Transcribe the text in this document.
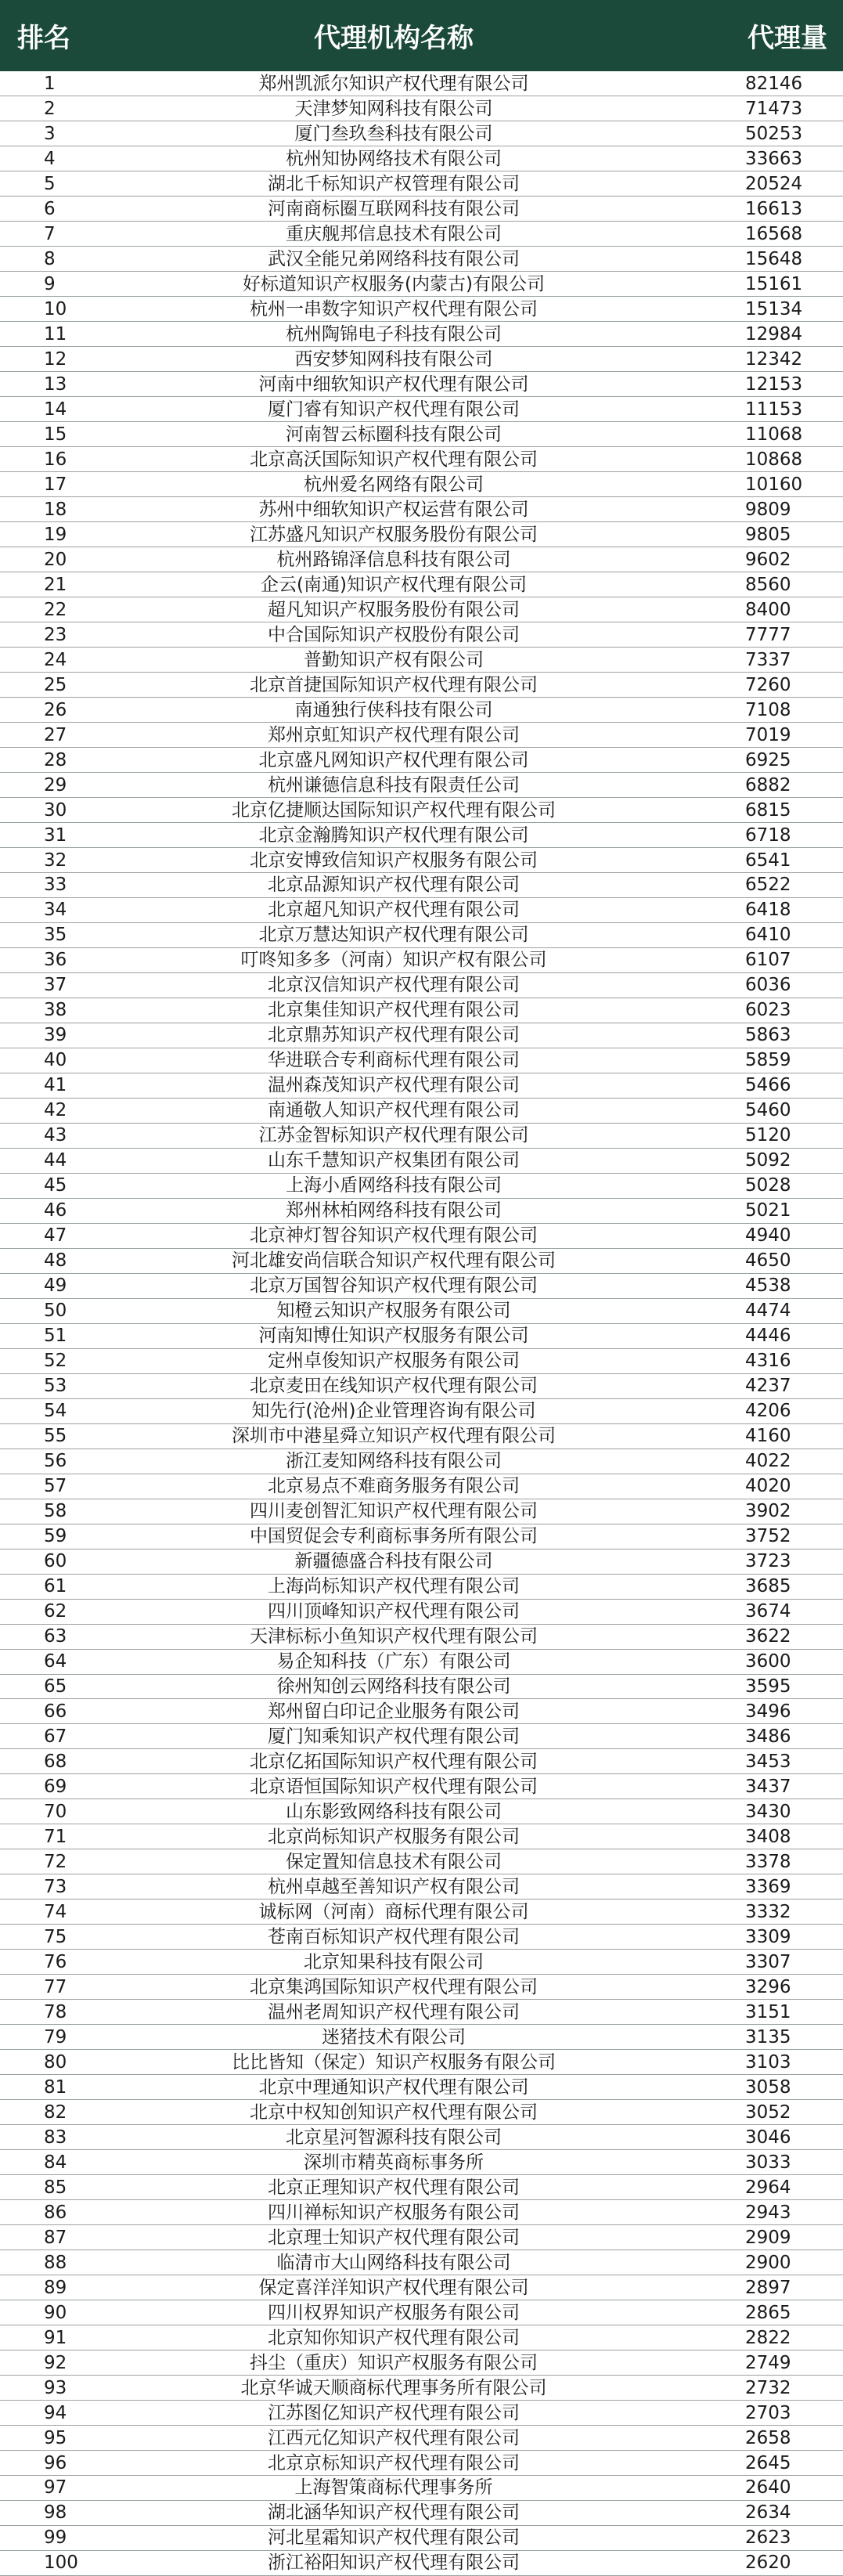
排名	代理机构名称	代理量
1	郑州凯派尔知识产权代理有限公司	82146
2	天津梦知网科技有限公司	71473
3	厦门叁玖叁科技有限公司	50253
4	杭州知协网络技术有限公司	33663
5	湖北千标知识产权管理有限公司	20524
6	河南商标圈互联网科技有限公司	16613
7	重庆舰邦信息技术有限公司	16568
8	武汉全能兄弟网络科技有限公司	15648
9	好标道知识产权服务(内蒙古)有限公司	15161
10	杭州一串数字知识产权代理有限公司	15134
11	杭州陶锦电子科技有限公司	12984
12	西安梦知网科技有限公司	12342
13	河南中细软知识产权代理有限公司	12153
14	厦门睿有知识产权代理有限公司	11153
15	河南智云标圈科技有限公司	11068
16	北京高沃国际知识产权代理有限公司	10868
17	杭州爱名网络有限公司	10160
18	苏州中细软知识产权运营有限公司	9809
19	江苏盛凡知识产权服务股份有限公司	9805
20	杭州路锦泽信息科技有限公司	9602
21	企云(南通)知识产权代理有限公司	8560
22	超凡知识产权服务股份有限公司	8400
23	中合国际知识产权股份有限公司	7777
24	普勤知识产权有限公司	7337
25	北京首捷国际知识产权代理有限公司	7260
26	南通独行侠科技有限公司	7108
27	郑州京虹知识产权代理有限公司	7019
28	北京盛凡网知识产权代理有限公司	6925
29	杭州谦德信息科技有限责任公司	6882
30	北京亿捷顺达国际知识产权代理有限公司	6815
31	北京金瀚腾知识产权代理有限公司	6718
32	北京安博致信知识产权服务有限公司	6541
33	北京品源知识产权代理有限公司	6522
34	北京超凡知识产权代理有限公司	6418
35	北京万慧达知识产权代理有限公司	6410
36	叮咚知多多（河南）知识产权有限公司	6107
37	北京汉信知识产权代理有限公司	6036
38	北京集佳知识产权代理有限公司	6023
39	北京鼎苏知识产权代理有限公司	5863
40	华进联合专利商标代理有限公司	5859
41	温州森茂知识产权代理有限公司	5466
42	南通敬人知识产权代理有限公司	5460
43	江苏金智标知识产权代理有限公司	5120
44	山东千慧知识产权集团有限公司	5092
45	上海小盾网络科技有限公司	5028
46	郑州林柏网络科技有限公司	5021
47	北京神灯智谷知识产权代理有限公司	4940
48	河北雄安尚信联合知识产权代理有限公司	4650
49	北京万国智谷知识产权代理有限公司	4538
50	知橙云知识产权服务有限公司	4474
51	河南知博仕知识产权服务有限公司	4446
52	定州卓俊知识产权服务有限公司	4316
53	北京麦田在线知识产权代理有限公司	4237
54	知先行(沧州)企业管理咨询有限公司	4206
55	深圳市中港星舜立知识产权代理有限公司	4160
56	浙江麦知网络科技有限公司	4022
57	北京易点不难商务服务有限公司	4020
58	四川麦创智汇知识产权代理有限公司	3902
59	中国贸促会专利商标事务所有限公司	3752
60	新疆德盛合科技有限公司	3723
61	上海尚标知识产权代理有限公司	3685
62	四川顶峰知识产权代理有限公司	3674
63	天津标标小鱼知识产权代理有限公司	3622
64	易企知科技（广东）有限公司	3600
65	徐州知创云网络科技有限公司	3595
66	郑州留白印记企业服务有限公司	3496
67	厦门知乘知识产权代理有限公司	3486
68	北京亿拓国际知识产权代理有限公司	3453
69	北京语恒国际知识产权代理有限公司	3437
70	山东影致网络科技有限公司	3430
71	北京尚标知识产权服务有限公司	3408
72	保定置知信息技术有限公司	3378
73	杭州卓越至善知识产权有限公司	3369
74	诚标网（河南）商标代理有限公司	3332
75	苍南百标知识产权代理有限公司	3309
76	北京知果科技有限公司	3307
77	北京集鸿国际知识产权代理有限公司	3296
78	温州老周知识产权代理有限公司	3151
79	迷猪技术有限公司	3135
80	比比皆知（保定）知识产权服务有限公司	3103
81	北京中理通知识产权代理有限公司	3058
82	北京中权知创知识产权代理有限公司	3052
83	北京星河智源科技有限公司	3046
84	深圳市精英商标事务所	3033
85	北京正理知识产权代理有限公司	2964
86	四川禅标知识产权服务有限公司	2943
87	北京理士知识产权代理有限公司	2909
88	临清市大山网络科技有限公司	2900
89	保定喜洋洋知识产权代理有限公司	2897
90	四川权界知识产权服务有限公司	2865
91	北京知你知识产权代理有限公司	2822
92	抖尘（重庆）知识产权服务有限公司	2749
93	北京华诚天顺商标代理事务所有限公司	2732
94	江苏图亿知识产权代理有限公司	2703
95	江西元亿知识产权代理有限公司	2658
96	北京京标知识产权代理有限公司	2645
97	上海智策商标代理事务所	2640
98	湖北涵华知识产权代理有限公司	2634
99	河北星霜知识产权代理有限公司	2623
100	浙江裕阳知识产权代理有限公司	2620
